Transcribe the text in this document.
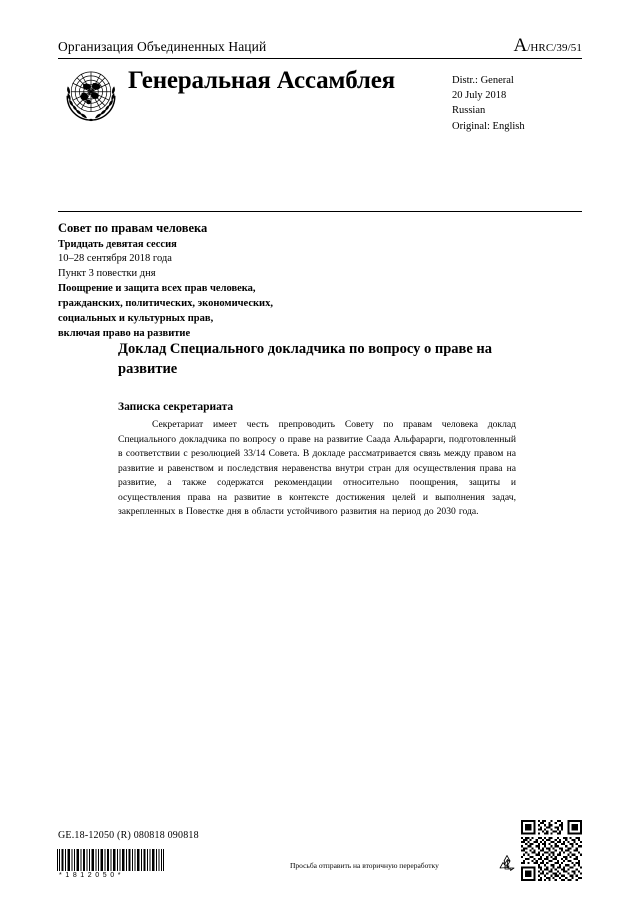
Организация Объединенных Наций	A/HRC/39/51
Генеральная Ассамблея	Distr.: General
20 July 2018
Russian
Original: English
Совет по правам человека
Тридцать девятая сессия
10–28 сентября 2018 года
Пункт 3 повестки дня
Поощрение и защита всех прав человека,
гражданских, политических, экономических,
социальных и культурных прав,
включая право на развитие
Доклад Специального докладчика по вопросу о праве на развитие
Записка секретариата

Секретариат имеет честь препроводить Совету по правам человека доклад Специального докладчика по вопросу о праве на развитие Саада Альфарарги, подготовленный в соответствии с резолюцией 33/14 Совета. В докладе рассматривается связь между правом на развитие и равенством и последствия неравенства внутри стран для осуществления права на развитие, а также содержатся рекомендации относительно поощрения, защиты и осуществления права на развитие в контексте достижения целей и выполнения задач, закрепленных в Повестке дня в области устойчивого развития на период до 2030 года.

GE.18-12050 (R) 080818 090818
*1812050*
Просьба отправить на вторичную переработку
